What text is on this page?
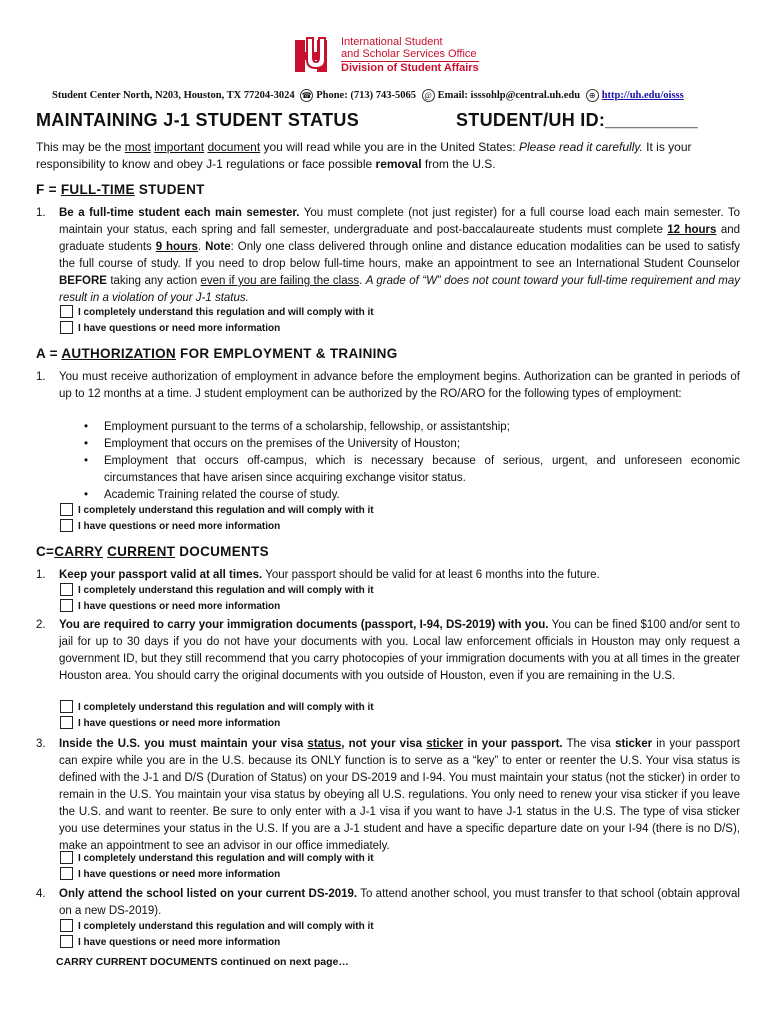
International Student
and Scholar Services Office
Division of Student Affairs
Student Center North, N203, Houston, TX 77204-3024 ☎ Phone: (713) 743-5065 @ Email: isssohlp@central.uh.edu ⊕ http://uh.edu/oisss
MAINTAINING J-1 STUDENT STATUS	STUDENT/UH ID:_________
This may be the most important document you will read while you are in the United States: Please read it carefully. It is your responsibility to know and obey J-1 regulations or face possible removal from the U.S.
F = FULL-TIME STUDENT
1. Be a full-time student each main semester. You must complete (not just register) for a full course load each main semester. To maintain your status, each spring and fall semester, undergraduate and post-baccalaureate students must complete 12 hours and graduate students 9 hours. Note: Only one class delivered through online and distance education modalities can be used to satisfy the full course of study. If you need to drop below full-time hours, make an appointment to see an International Student Counselor BEFORE taking any action even if you are failing the class. A grade of “W” does not count toward your full-time requirement and may result in a violation of your J-1 status.
I completely understand this regulation and will comply with it
I have questions or need more information
A = AUTHORIZATION FOR EMPLOYMENT & TRAINING
1. You must receive authorization of employment in advance before the employment begins. Authorization can be granted in periods of up to 12 months at a time. J student employment can be authorized by the RO/ARO for the following types of employment:
• Employment pursuant to the terms of a scholarship, fellowship, or assistantship;
• Employment that occurs on the premises of the University of Houston;
• Employment that occurs off-campus, which is necessary because of serious, urgent, and unforeseen economic circumstances that have arisen since acquiring exchange visitor status.
• Academic Training related the course of study.
I completely understand this regulation and will comply with it
I have questions or need more information
C=CARRY CURRENT DOCUMENTS
1. Keep your passport valid at all times. Your passport should be valid for at least 6 months into the future.
I completely understand this regulation and will comply with it
I have questions or need more information
2. You are required to carry your immigration documents (passport, I-94, DS-2019) with you. You can be fined $100 and/or sent to jail for up to 30 days if you do not have your documents with you. Local law enforcement officials in Houston may only request a government ID, but they still recommend that you carry photocopies of your immigration documents with you at all times in the greater Houston area. You should carry the original documents with you outside of Houston, even if you are remaining in the U.S.
I completely understand this regulation and will comply with it
I have questions or need more information
3. Inside the U.S. you must maintain your visa status, not your visa sticker in your passport. The visa sticker in your passport can expire while you are in the U.S. because its ONLY function is to serve as a “key” to enter or reenter the U.S. Your visa status is defined with the J-1 and D/S (Duration of Status) on your DS-2019 and I-94. You must maintain your status (not the sticker) in order to remain in the U.S. You maintain your visa status by obeying all U.S. regulations. You only need to renew your visa sticker if you leave the U.S. and want to reenter. Be sure to only enter with a J-1 visa if you want to have J-1 status in the U.S. The type of visa sticker you use determines your status in the U.S. If you are a J-1 student and have a specific departure date on your I-94 (there is no D/S), make an appointment to see an advisor in our office immediately.
I completely understand this regulation and will comply with it
I have questions or need more information
4. Only attend the school listed on your current DS-2019. To attend another school, you must transfer to that school (obtain approval on a new DS-2019).
I completely understand this regulation and will comply with it
I have questions or need more information
CARRY CURRENT DOCUMENTS continued on next page…
